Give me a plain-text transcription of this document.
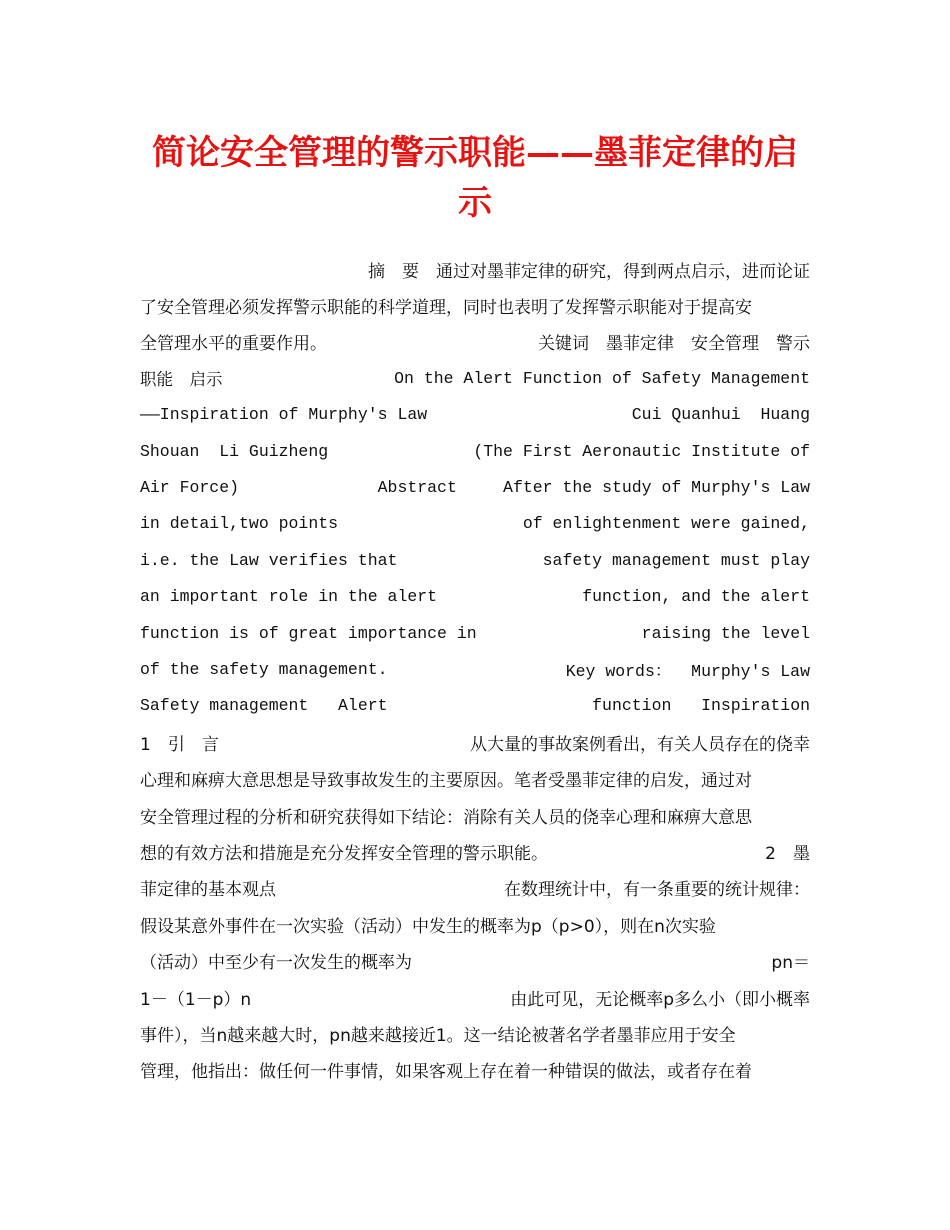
简论安全管理的警示职能——墨菲定律的启
示
摘　要　通过对墨菲定律的研究，得到两点启示，进而论证
了安全管理必须发挥警示职能的科学道理，同时也表明了发挥警示职能对于提高安
全管理水平的重要作用。	关键词　墨菲定律　安全管理　警示
职能　启示	On the Alert Function of Safety Management
——Inspiration of Murphy′s Law	Cui Quanhui  Huang
Shouan  Li Guizheng	(The First Aeronautic Institute of
Air Force)              Abstract	After the study of Murphy′s Law
in detail,two points	of enlightenment were gained,
i.e. the Law verifies that	safety management must play
an important role in the alert	function, and the alert
function is of great importance in	raising the level
of the safety management.	Key words：  Murphy′s Law
Safety management   Alert	function   Inspiration
1　引　言	从大量的事故案例看出，有关人员存在的侥幸
心理和麻痹大意思想是导致事故发生的主要原因。笔者受墨菲定律的启发，通过对
安全管理过程的分析和研究获得如下结论：消除有关人员的侥幸心理和麻痹大意思
想的有效方法和措施是充分发挥安全管理的警示职能。	2　墨
菲定律的基本观点	在数理统计中，有一条重要的统计规律：
假设某意外事件在一次实验（活动）中发生的概率为p（p>0），则在n次实验
（活动）中至少有一次发生的概率为	pn＝
1－（1－p）n	由此可见，无论概率p多么小（即小概率
事件），当n越来越大时，pn越来越接近1。这一结论被著名学者墨菲应用于安全
管理，他指出：做任何一件事情，如果客观上存在着一种错误的做法，或者存在着
